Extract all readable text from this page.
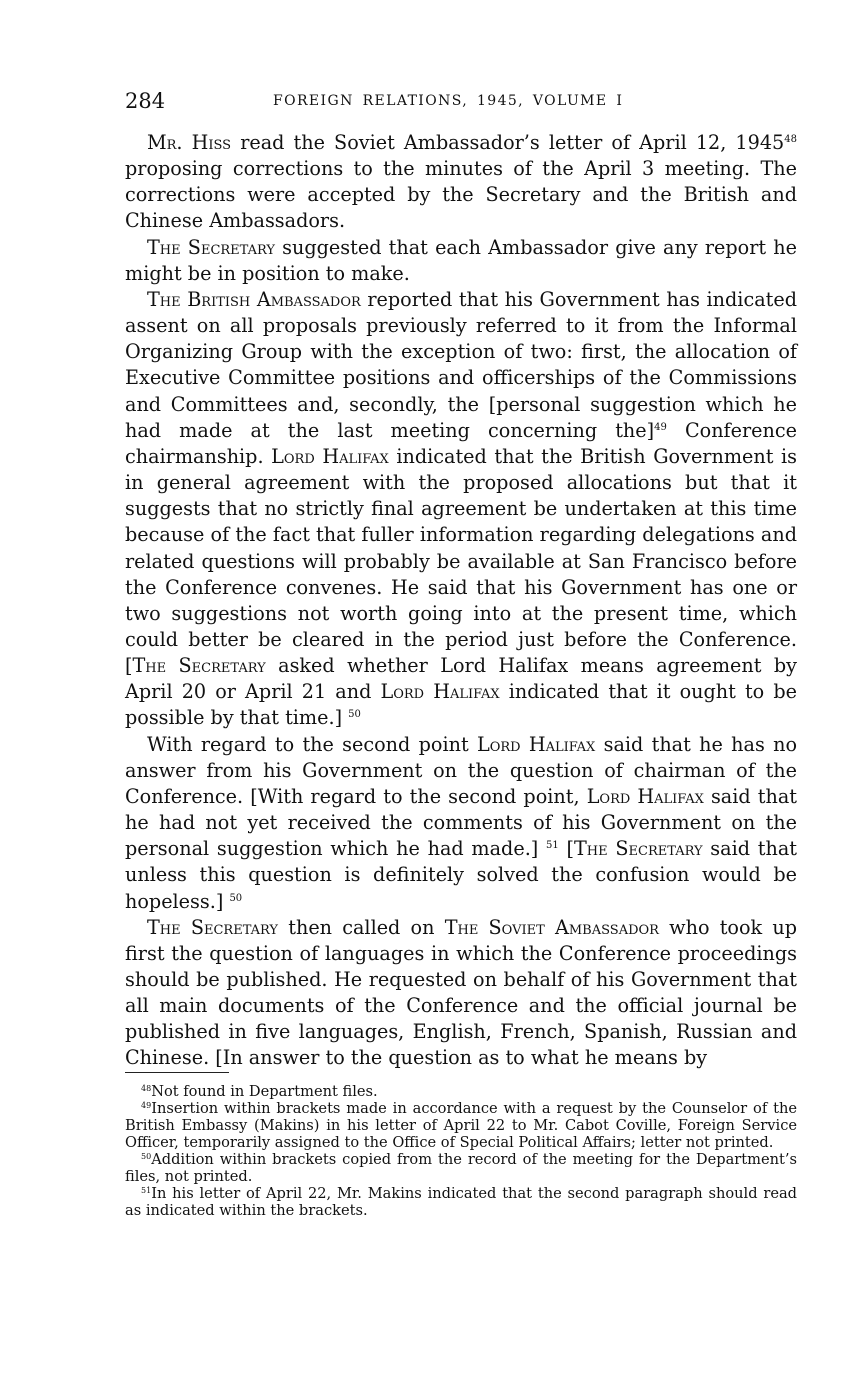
284	FOREIGN RELATIONS, 1945, VOLUME I

Mr. Hiss read the Soviet Ambassador’s letter of April 12, 1945$^{48}$ proposing corrections to the minutes of the April 3 meeting. The corrections were accepted by the Secretary and the British and Chinese Ambassadors.

The Secretary suggested that each Ambassador give any report he might be in position to make.

The British Ambassador reported that his Government has indicated assent on all proposals previously referred to it from the Informal Organizing Group with the exception of two: first, the allocation of Executive Committee positions and officerships of the Commissions and Committees and, secondly, the [personal suggestion which he had made at the last meeting concerning the]$^{49}$ Conference chairmanship. Lord Halifax indicated that the British Government is in general agreement with the proposed allocations but that it suggests that no strictly final agreement be undertaken at this time because of the fact that fuller information regarding delegations and related questions will probably be available at San Francisco before the Conference convenes. He said that his Government has one or two suggestions not worth going into at the present time, which could better be cleared in the period just before the Conference. [The Secretary asked whether Lord Halifax means agreement by April 20 or April 21 and Lord Halifax indicated that it ought to be possible by that time.] $^{50}$

With regard to the second point Lord Halifax said that he has no answer from his Government on the question of chairman of the Conference. [With regard to the second point, Lord Halifax said that he had not yet received the comments of his Government on the personal suggestion which he had made.] $^{51}$ [The Secretary said that unless this question is definitely solved the confusion would be hopeless.] $^{50}$

The Secretary then called on The Soviet Ambassador who took up first the question of languages in which the Conference proceedings should be published. He requested on behalf of his Government that all main documents of the Conference and the official journal be published in five languages, English, French, Spanish, Russian and Chinese. [In answer to the question as to what he means by

$^{48}$Not found in Department files.

$^{49}$Insertion within brackets made in accordance with a request by the Counselor of the British Embassy (Makins) in his letter of April 22 to Mr. Cabot Coville, Foreign Service Officer, temporarily assigned to the Office of Special Political Affairs; letter not printed.

$^{50}$Addition within brackets copied from the record of the meeting for the Department’s files, not printed.

$^{51}$In his letter of April 22, Mr. Makins indicated that the second paragraph should read as indicated within the brackets.
